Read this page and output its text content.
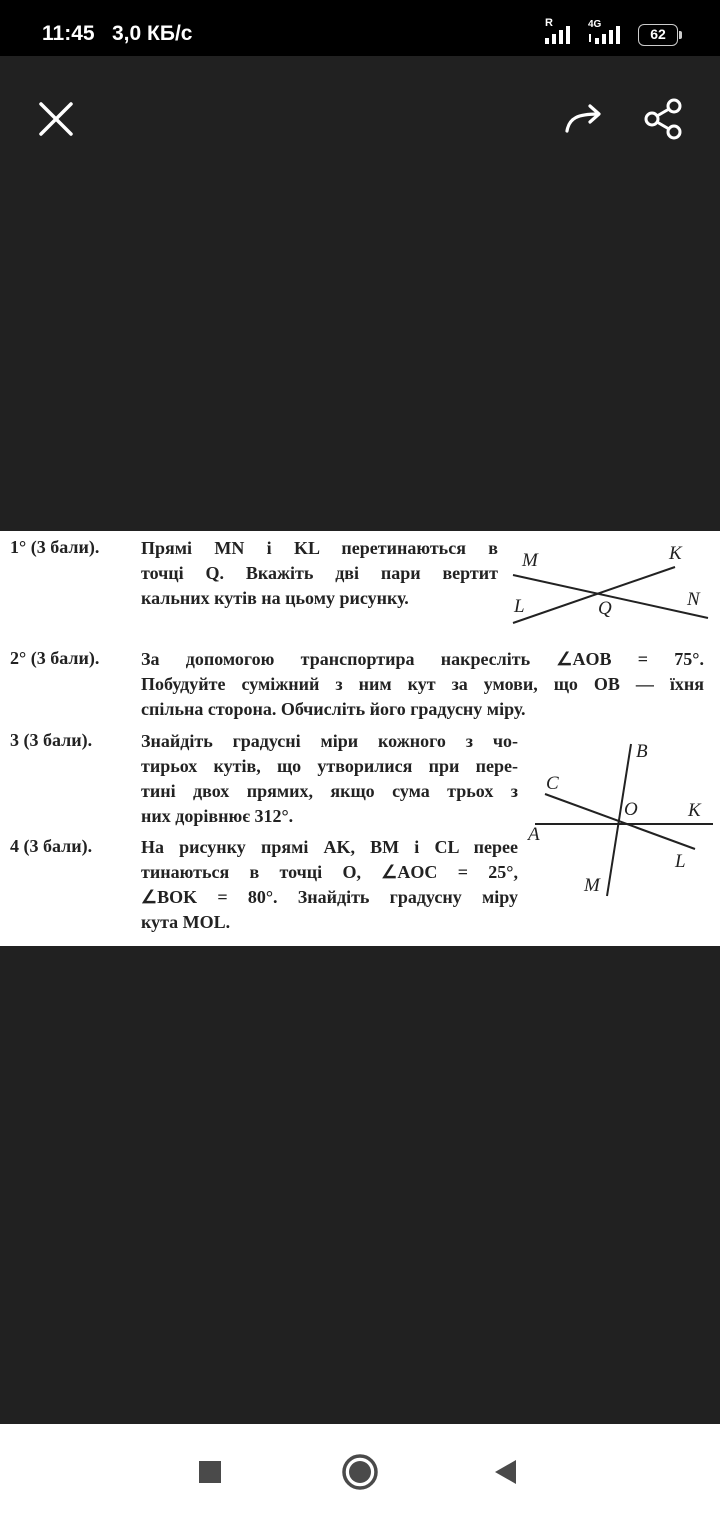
11:45 3,0 КБ/с	R	4G
62
1° (3 бали). Прямі MN і KL перетинаються в
точці Q. Вкажіть дві пари вертит
кальних кутів на цьому рисунку.
M	K
L	Q	N
2° (3 бали). За допомогою транспортира накресліть ∠AOB = 75°.
Побудуйте суміжний з ним кут за умови, що OB — їхня
спільна сторона. Обчисліть його градусну міру.
3 (3 бали).	Знайдіть градусні міри кожного з чо-
тирьох кутів, що утворилися при пере-
тині двох прямих, якщо сума трьох з
них дорівнює 312°.
4 (3 бали).	На рисунку прямі AK, BM і CL перее
тинаються в точці O, ∠AOC = 25°,
∠BOK = 80°. Знайдіть градусну міру
кута MOL.
B
C
O	K
A
L
M
